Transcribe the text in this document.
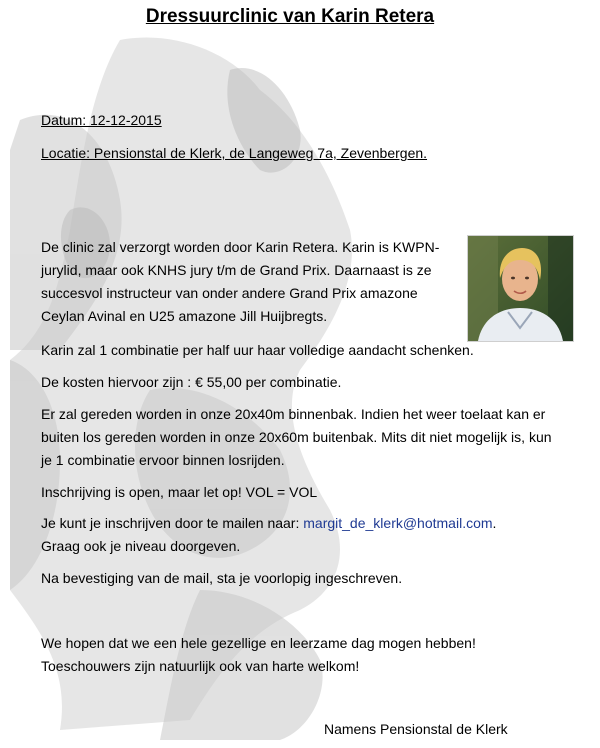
Dressuurclinic van Karin Retera

Datum: 12-12-2015

Locatie: Pensionstal de Klerk, de Langeweg 7a, Zevenbergen.

De clinic zal verzorgt worden door Karin Retera. Karin is KWPN-jurylid, maar ook KNHS jury t/m de Grand Prix. Daarnaast is ze succesvol instructeur van onder andere Grand Prix amazone Ceylan Avinal en U25 amazone Jill Huijbregts.

Karin zal 1 combinatie per half uur haar volledige aandacht schenken.

De kosten hiervoor zijn : € 55,00 per combinatie.

Er zal gereden worden in onze 20x40m binnenbak. Indien het weer toelaat kan er buiten los gereden worden in onze 20x60m buitenbak. Mits dit niet mogelijk is, kun je 1 combinatie ervoor binnen losrijden.

Inschrijving is open, maar let op! VOL = VOL

Je kunt je inschrijven door te mailen naar: margit_de_klerk@hotmail.com.

Graag ook je niveau doorgeven.

Na bevestiging van de mail, sta je voorlopig ingeschreven.

We hopen dat we een hele gezellige en leerzame dag mogen hebben!

Toeschouwers zijn natuurlijk ook van harte welkom!

Namens Pensionstal de Klerk
